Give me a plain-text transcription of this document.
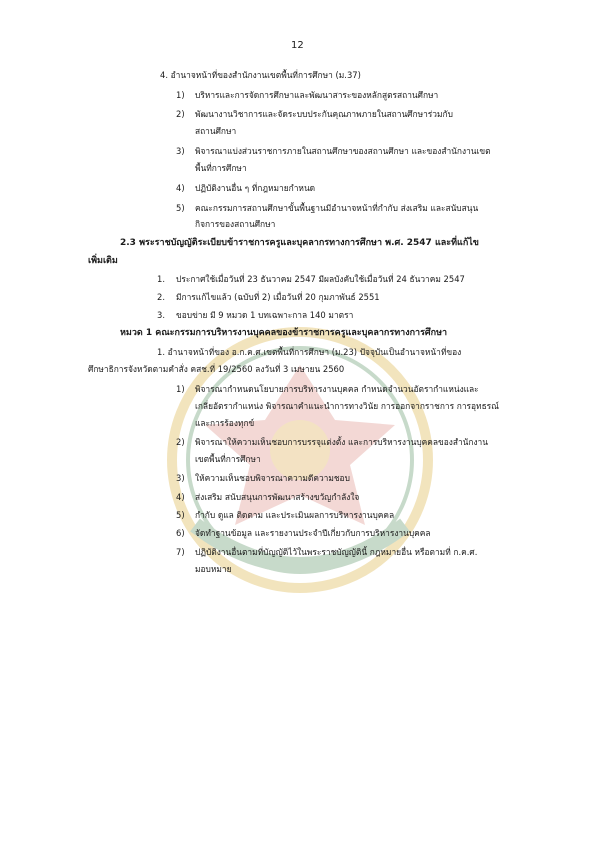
12
4. อำนาจหน้าที่ของสำนักงานเขตพื้นที่การศึกษา (ม.37)
1) บริหารและการจัดการศึกษาและพัฒนาสาระของหลักสูตรสถานศึกษา
2) พัฒนางานวิชาการและจัดระบบประกันคุณภาพภายในสถานศึกษาร่วมกับ
สถานศึกษา
3) พิจารณาแบ่งส่วนราชการภายในสถานศึกษาของสถานศึกษา และของสำนักงานเขต
พื้นที่การศึกษา
4) ปฏิบัติงานอื่น ๆ ที่กฎหมายกำหนด
5) คณะกรรมการสถานศึกษาขั้นพื้นฐานมีอำนาจหน้าที่กำกับ ส่งเสริม และสนับสนุน
กิจการของสถานศึกษา
2.3 พระราชบัญญัติระเบียบข้าราชการครูและบุคลากรทางการศึกษา พ.ศ. 2547 และที่แก้ไข
เพิ่มเติม
1. ประกาศใช้เมื่อวันที่ 23 ธันวาคม 2547 มีผลบังคับใช้เมื่อวันที่ 24 ธันวาคม 2547
2. มีการแก้ไขแล้ว (ฉบับที่ 2) เมื่อวันที่ 20 กุมภาพันธ์ 2551
3. ขอบข่าย มี 9 หมวด 1 บทเฉพาะกาล 140 มาตรา
หมวด 1 คณะกรรมการบริหารงานบุคคลของข้าราชการครูและบุคลากรทางการศึกษา
1. อำนาจหน้าที่ของ อ.ก.ค.ศ.เขตพื้นที่การศึกษา (ม.23) ปัจจุบันเป็นอำนาจหน้าที่ของ
ศึกษาธิการจังหวัดตามคำสั่ง คสช.ที่ 19/2560 ลงวันที่ 3 เมษายน 2560
1) พิจารณากำหนดนโยบายการบริหารงานบุคคล กำหนดจำนวนอัตรากำแหน่งและ
เกลี่ยอัตรากำแหน่ง พิจารณาคำแนะนำการทางวินัย การออกจากราชการ การอุทธรณ์
และการร้องทุกข์
2) พิจารณาให้ความเห็นชอบการบรรจุแต่งตั้ง และการบริหารงานบุคคลของสำนักงาน
เขตพื้นที่การศึกษา
3) ให้ความเห็นชอบพิจารณาความดีความชอบ
4) ส่งเสริม สนับสนุนการพัฒนาสร้างขวัญกำลังใจ
5) กำกับ ดูแล ติดตาม และประเมินผลการบริหารงานบุคคล
6) จัดทำฐานข้อมูล และรายงานประจำปีเกี่ยวกับการบริหารงานบุคคล
7) ปฏิบัติงานอื่นตามที่บัญญัติไว้ในพระราชบัญญัตินี้ กฎหมายอื่น หรือตามที่ ก.ค.ศ.
มอบหมาย
